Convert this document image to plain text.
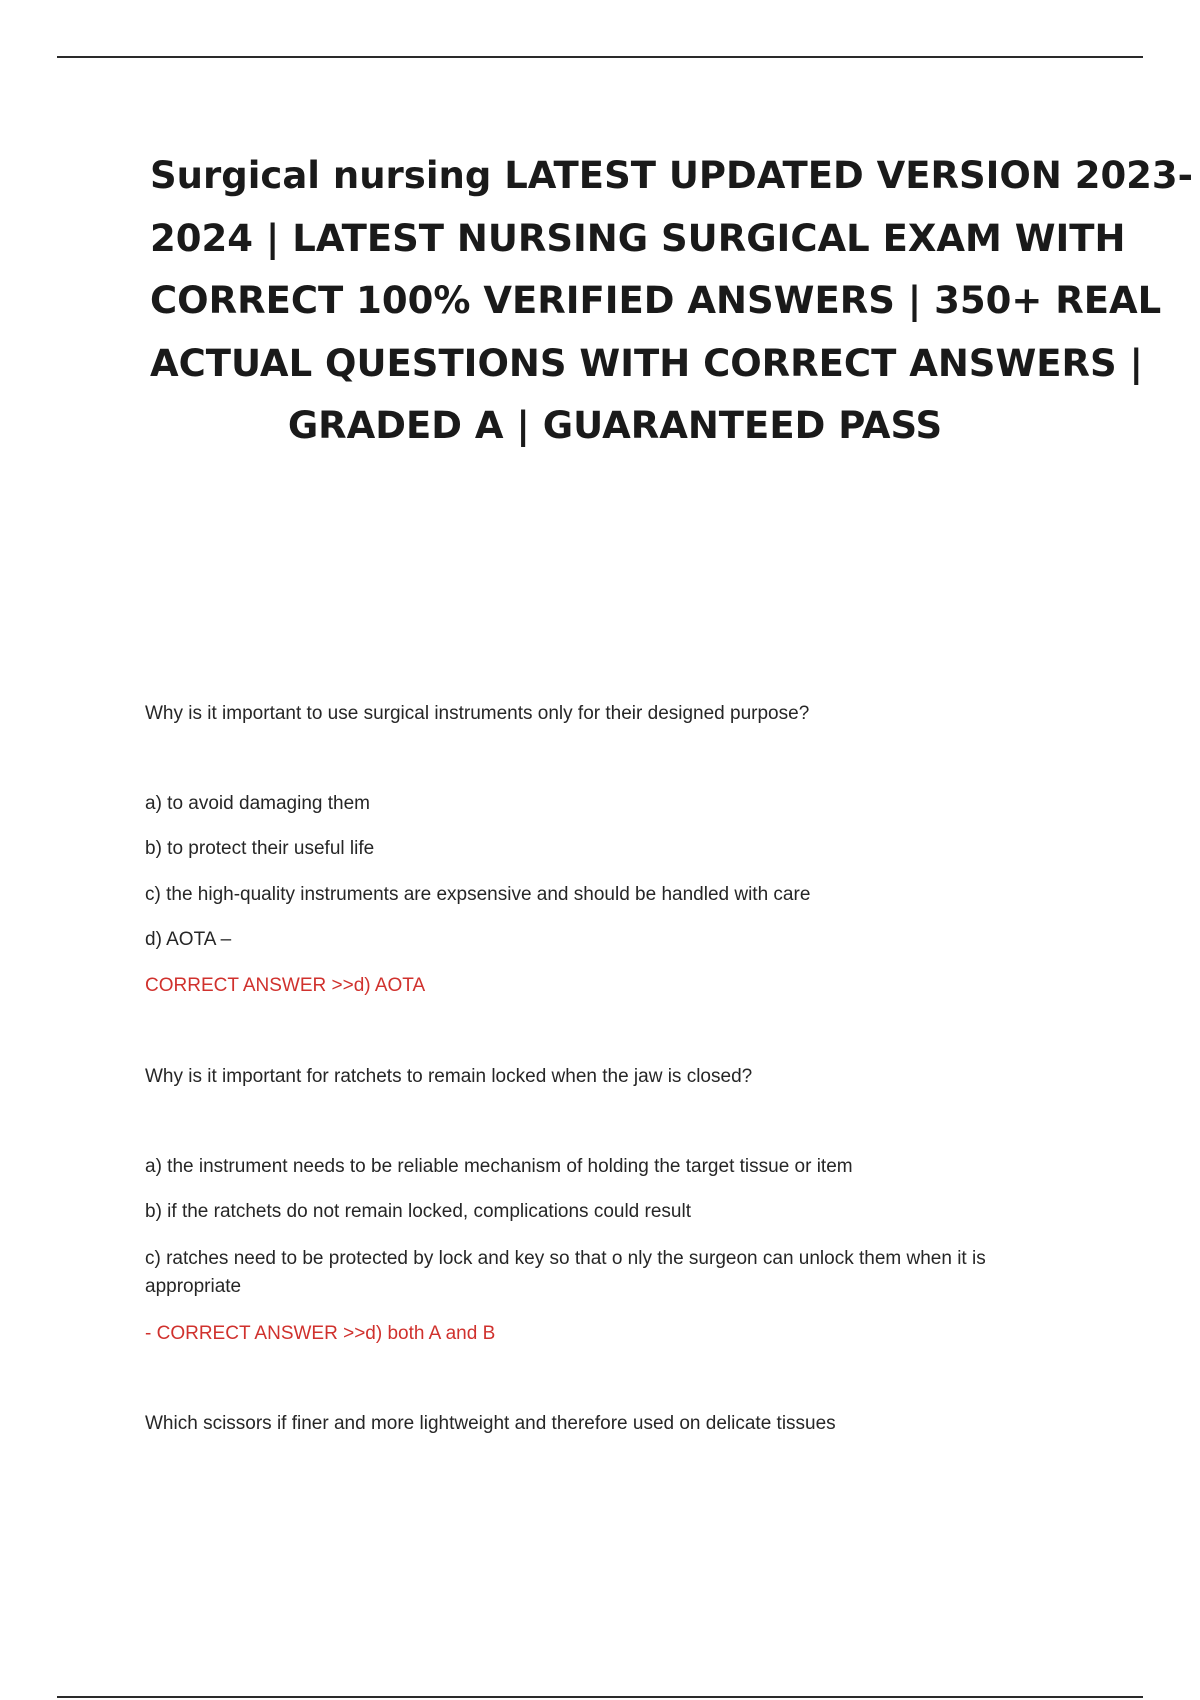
Surgical nursing LATEST UPDATED VERSION 2023-
2024 | LATEST NURSING SURGICAL EXAM WITH
CORRECT 100% VERIFIED ANSWERS | 350+ REAL
ACTUAL QUESTIONS WITH CORRECT ANSWERS |
GRADED A | GUARANTEED PASS

Why is it important to use surgical instruments only for their designed purpose?

a) to avoid damaging them

b) to protect their useful life

c) the high-quality instruments are expsensive and should be handled with care

d) AOTA –

CORRECT ANSWER >>d) AOTA

Why is it important for ratchets to remain locked when the jaw is closed?

a) the instrument needs to be reliable mechanism of holding the target tissue or item

b) if the ratchets do not remain locked, complications could result

c) ratches need to be protected by lock and key so that o nly the surgeon can unlock them when it is appropriate

- CORRECT ANSWER >>d) both A and B

Which scissors if finer and more lightweight and therefore used on delicate tissues
